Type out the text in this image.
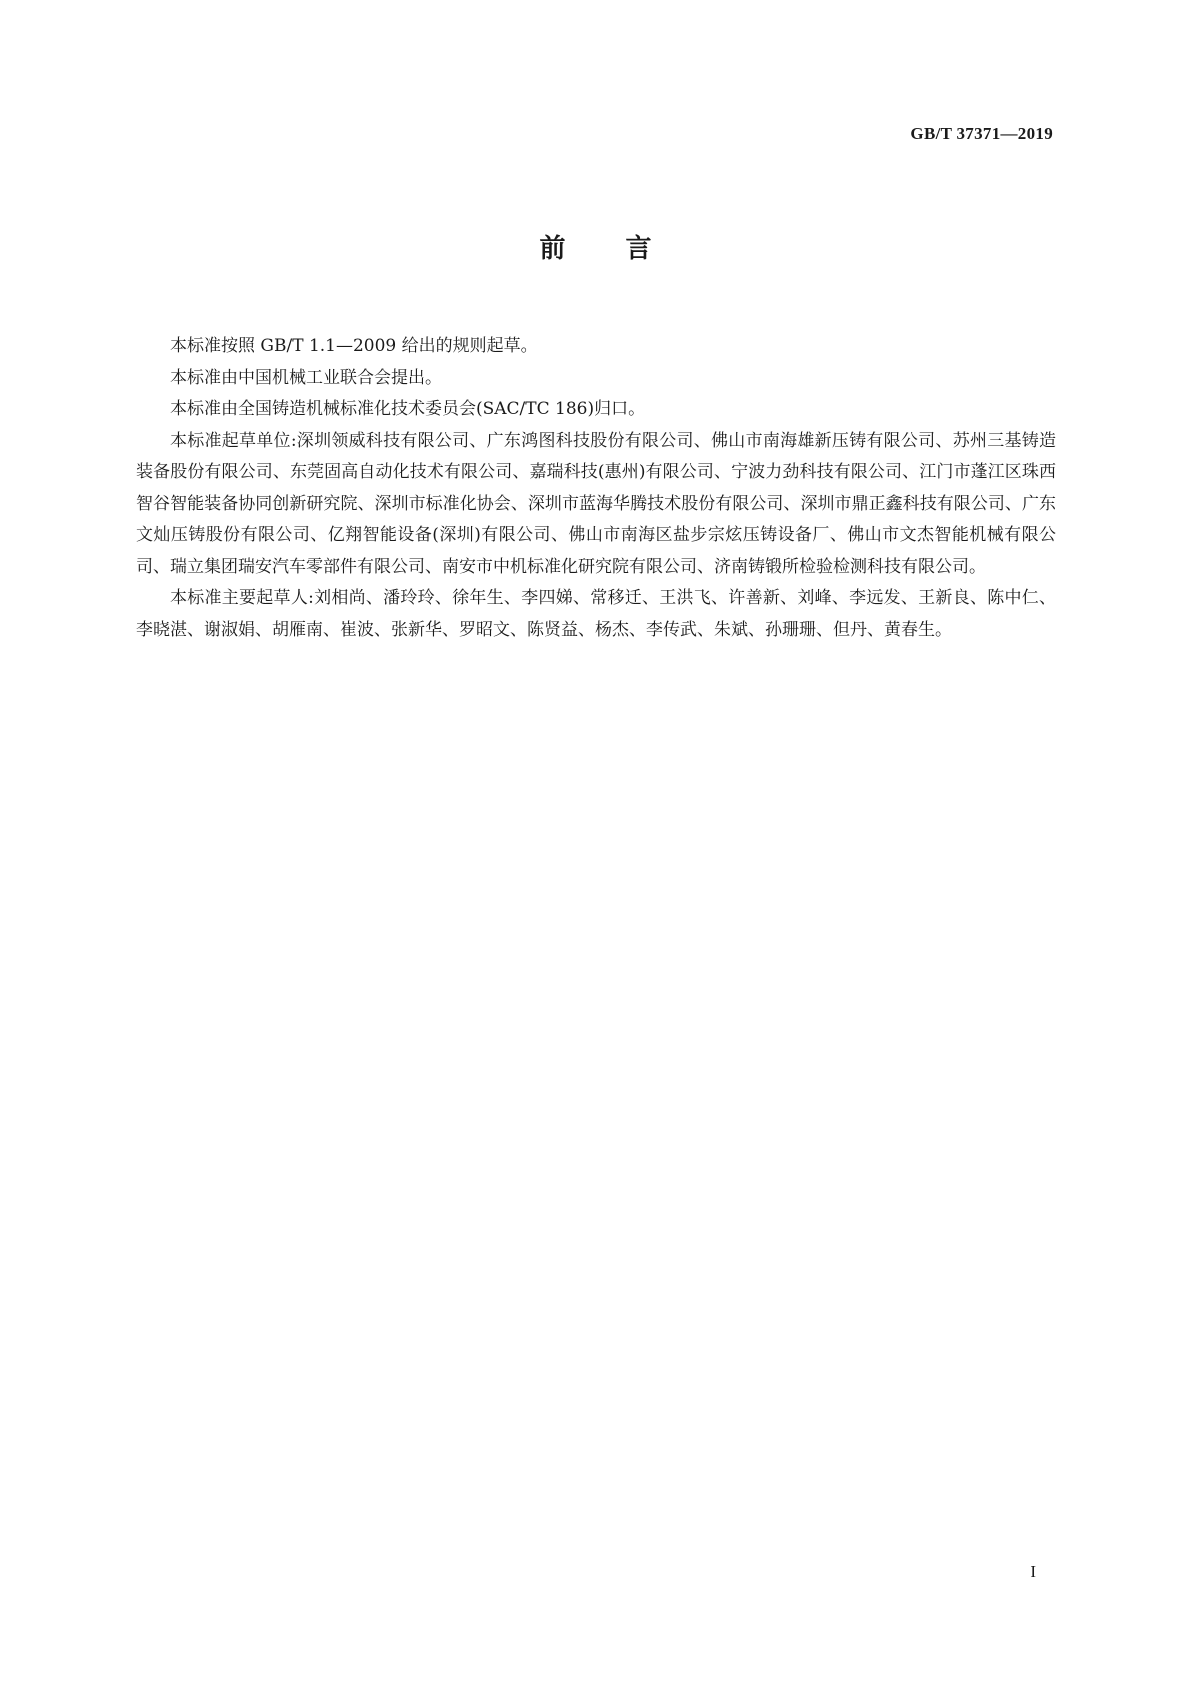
GB/T 37371—2019
前 言

本标准按照 GB/T 1.1—2009 给出的规则起草。

本标准由中国机械工业联合会提出。

本标准由全国铸造机械标准化技术委员会(SAC/TC 186)归口。

本标准起草单位:深圳领威科技有限公司、广东鸿图科技股份有限公司、佛山市南海雄新压铸有限公司、苏州三基铸造装备股份有限公司、东莞固高自动化技术有限公司、嘉瑞科技(惠州)有限公司、宁波力劲科技有限公司、江门市蓬江区珠西智谷智能装备协同创新研究院、深圳市标准化协会、深圳市蓝海华腾技术股份有限公司、深圳市鼎正鑫科技有限公司、广东文灿压铸股份有限公司、亿翔智能设备(深圳)有限公司、佛山市南海区盐步宗炫压铸设备厂、佛山市文杰智能机械有限公司、瑞立集团瑞安汽车零部件有限公司、南安市中机标准化研究院有限公司、济南铸锻所检验检测科技有限公司。

本标准主要起草人:刘相尚、潘玲玲、徐年生、李四娣、常移迁、王洪飞、许善新、刘峰、李远发、王新良、陈中仁、李晓湛、谢淑娟、胡雁南、崔波、张新华、罗昭文、陈贤益、杨杰、李传武、朱斌、孙珊珊、但丹、黄春生。

I
